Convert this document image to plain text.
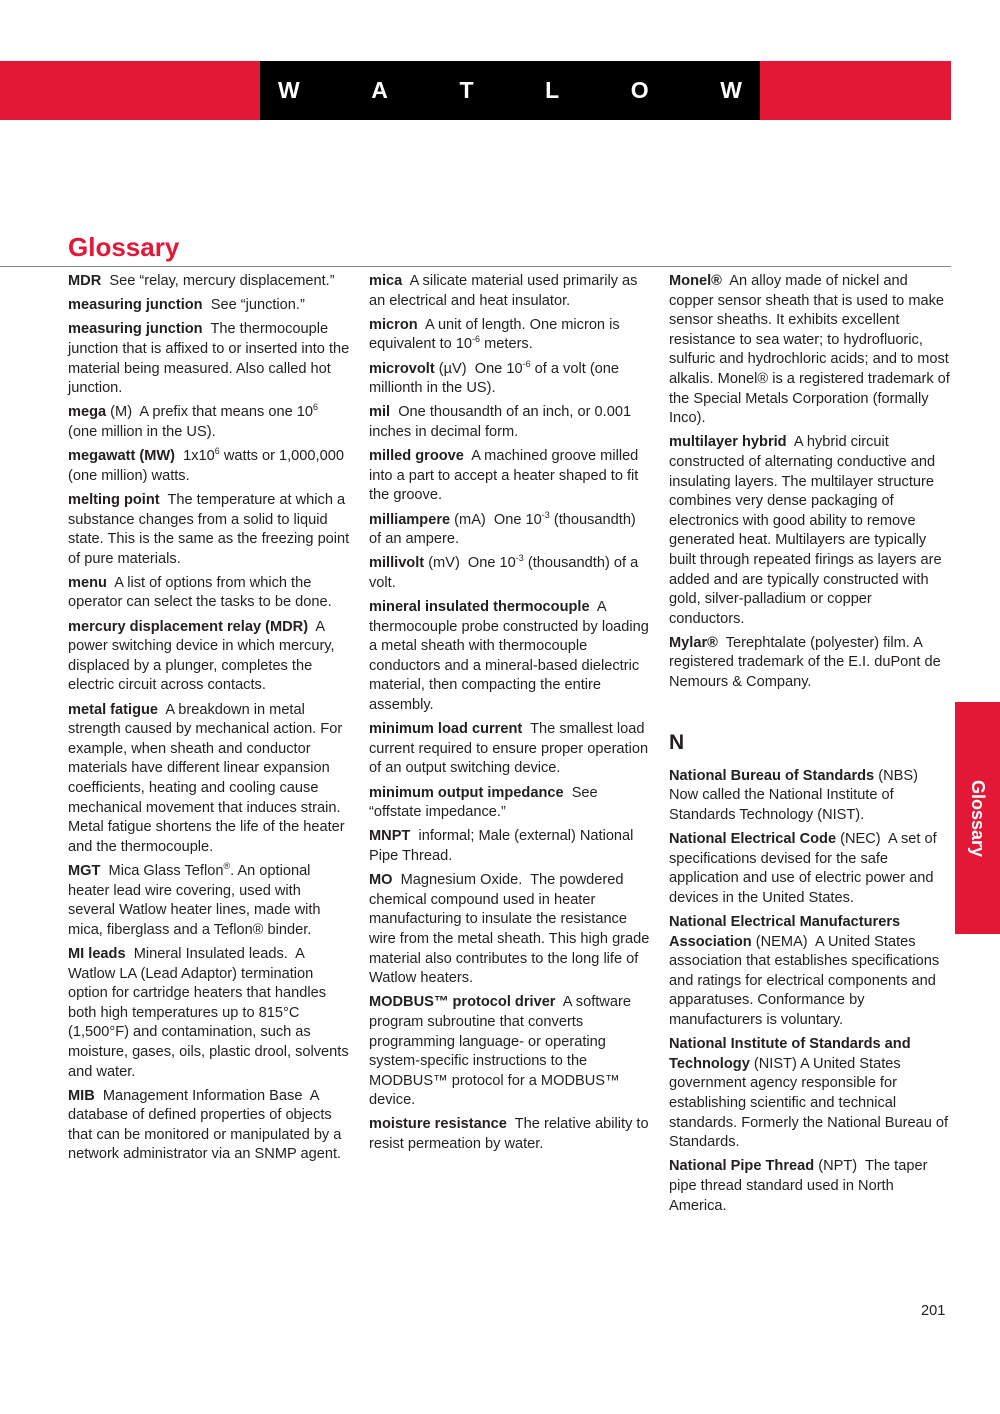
W	A	T	L	O	W
Glossary

MDR  See “relay, mercury displacement.”

measuring junction  See “junction.”

measuring junction  The thermocouple junction that is affixed to or inserted into the material being measured. Also called hot junction.

mega (M)  A prefix that means one $10^6$ (one million in the US).

megawatt (MW)  $1x10^6$ watts or 1,000,000 (one million) watts.

melting point  The temperature at which a substance changes from a solid to liquid state. This is the same as the freezing point of pure materials.

menu  A list of options from which the operator can select the tasks to be done.

mercury displacement relay (MDR)  A power switching device in which mercury, displaced by a plunger, completes the electric circuit across contacts.

metal fatigue  A breakdown in metal strength caused by mechanical action. For example, when sheath and conductor materials have different linear expansion coefficients, heating and cooling cause mechanical movement that induces strain. Metal fatigue shortens the life of the heater and the thermocouple.

MGT  Mica Glass Teflon®. An optional heater lead wire covering, used with several Watlow heater lines, made with mica, fiberglass and a Teflon® binder.

MI leads  Mineral Insulated leads.  A Watlow LA (Lead Adaptor) termination option for cartridge heaters that handles both high temperatures up to 815°C (1,500°F) and contamination, such as moisture, gases, oils, plastic drool, solvents and water.

MIB  Management Information Base  A database of defined properties of objects that can be monitored or manipulated by a network administrator via an SNMP agent.

mica  A silicate material used primarily as an electrical and heat insulator.

micron  A unit of length. One micron is equivalent to $10^{-6}$ meters.

microvolt (µV)  One $10^{-6}$ of a volt (one millionth in the US).

mil  One thousandth of an inch, or 0.001 inches in decimal form.

milled groove  A machined groove milled into a part to accept a heater shaped to fit the groove.

milliampere (mA)  One $10^{-3}$ (thousandth) of an ampere.

millivolt (mV)  One $10^{-3}$ (thousandth) of a volt.

mineral insulated thermocouple  A thermocouple probe constructed by loading a metal sheath with thermocouple conductors and a mineral-based dielectric material, then compacting the entire assembly.

minimum load current  The smallest load current required to ensure proper operation of an output switching device.

minimum output impedance  See “offstate impedance.”

MNPT  informal; Male (external) National Pipe Thread.

MO  Magnesium Oxide.  The powdered chemical compound used in heater manufacturing to insulate the resistance wire from the metal sheath. This high grade material also contributes to the long life of Watlow heaters.

MODBUS™ protocol driver  A software program subroutine that converts programming language- or operating system-specific instructions to the MODBUS™ protocol for a MODBUS™ device.

moisture resistance  The relative ability to resist permeation by water.

Monel®  An alloy made of nickel and copper sensor sheath that is used to make sensor sheaths. It exhibits excellent resistance to sea water; to hydrofluoric, sulfuric and hydrochloric acids; and to most alkalis. Monel® is a registered trademark of the Special Metals Corporation (formally Inco).

multilayer hybrid  A hybrid circuit constructed of alternating conductive and insulating layers. The multilayer structure combines very dense packaging of electronics with good ability to remove generated heat. Multilayers are typically built through repeated firings as layers are added and are typically constructed with gold, silver-palladium or copper conductors.

Mylar®  Terephtalate (polyester) film. A registered trademark of the E.I. duPont de Nemours & Company.

N

National Bureau of Standards (NBS) Now called the National Institute of Standards Technology (NIST).

National Electrical Code (NEC)  A set of specifications devised for the safe application and use of electric power and devices in the United States.

National Electrical Manufacturers Association (NEMA)  A United States association that establishes specifications and ratings for electrical components and apparatuses. Conformance by manufacturers is voluntary.

National Institute of Standards and Technology (NIST) A United States government agency responsible for establishing scientific and technical standards. Formerly the National Bureau of Standards.

National Pipe Thread (NPT)  The taper pipe thread standard used in North America.

Glossary
201
